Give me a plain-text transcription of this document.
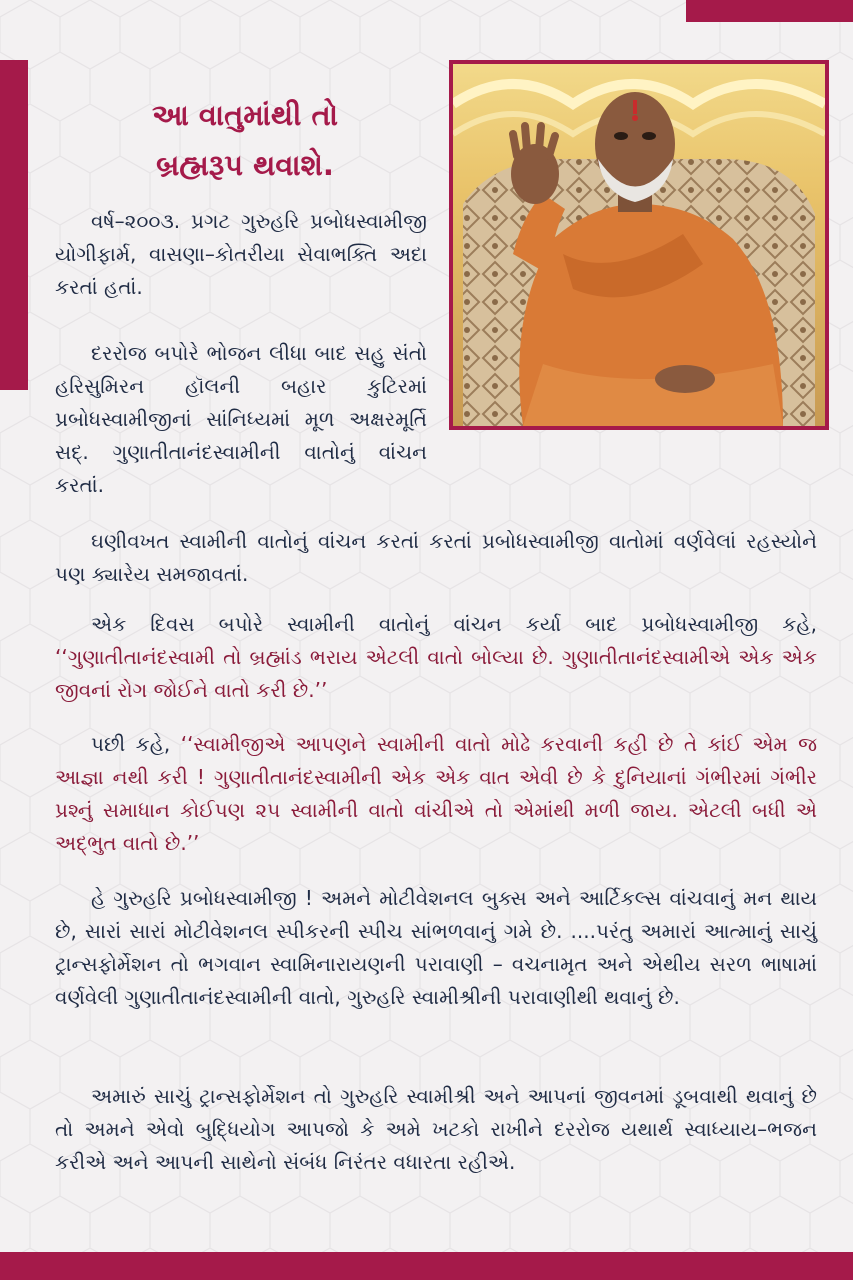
આ વાતુમાંથી તો
બ્રહ્મરૂપ થવાશે.

વર્ષ–૨૦૦૩. પ્રગટ ગુરુહરિ પ્રબોધસ્વામીજી યોગીફાર્મ, વાસણા–કોતરીયા સેવાભક્તિ અદા કરતાં હતાં.

દરરોજ બપોરે ભોજન લીધા બાદ સહુ સંતો હરિસુમિરન હૉલની બહાર કુટિરમાં પ્રબોધસ્વામીજીનાં સાંનિધ્યમાં મૂળ અક્ષરમૂર્તિ સદ્. ગુણાતીતાનંદસ્વામીની વાતોનું વાંચન કરતાં.

ઘણીવખત સ્વામીની વાતોનું વાંચન કરતાં કરતાં પ્રબોધસ્વામીજી વાતોમાં વર્ણવેલાં રહસ્યોને પણ ક્યારેય સમજાવતાં.

એક દિવસ બપોરે સ્વામીની વાતોનું વાંચન કર્યા બાદ પ્રબોધસ્વામીજી કહે, ‘‘ગુણાતીતાનંદસ્વામી તો બ્રહ્માંડ ભરાય એટલી વાતો બોલ્યા છે. ગુણાતીતાનંદસ્વામીએ એક એક જીવનાં રોગ જોઈને વાતો કરી છે.’’

પછી કહે, ‘‘સ્વામીજીએ આપણને સ્વામીની વાતો મોઢે કરવાની કહી છે તે કાંઈ એમ જ આજ્ઞા નથી કરી ! ગુણાતીતાનંદસ્વામીની એક એક વાત એવી છે કે દુનિયાનાં ગંભીરમાં ગંભીર પ્રશ્નું સમાધાન કોઈપણ ૨૫ સ્વામીની વાતો વાંચીએ તો એમાંથી મળી જાય. એટલી બધી એ અદ્ભુત વાતો છે.’’

હે ગુરુહરિ પ્રબોધસ્વામીજી ! અમને મોટીવેશનલ બુક્સ અને આર્ટિકલ્સ વાંચવાનું મન થાય છે, સારાં સારાં મોટીવેશનલ સ્પીકરની સ્પીચ સાંભળવાનું ગમે છે. ....પરંતુ અમારાં આત્માનું સાચું ટ્રાન્સફોર્મેશન તો ભગવાન સ્વામિનારાયણની પરાવાણી – વચનામૃત અને એથીય સરળ ભાષામાં વર્ણવેલી ગુણાતીતાનંદસ્વામીની વાતો, ગુરુહરિ સ્વામીશ્રીની પરાવાણીથી થવાનું છે.

અમારું સાચું ટ્રાન્સફોર્મેશન તો ગુરુહરિ સ્વામીશ્રી અને આપનાં જીવનમાં ડૂબવાથી થવાનું છે તો અમને એવો બુદ્ધિયોગ આપજો કે અમે ખટકો રાખીને દરરોજ યથાર્થ સ્વાધ્યાય–ભજન કરીએ અને આપની સાથેનો સંબંધ નિરંતર વધારતા રહીએ.
